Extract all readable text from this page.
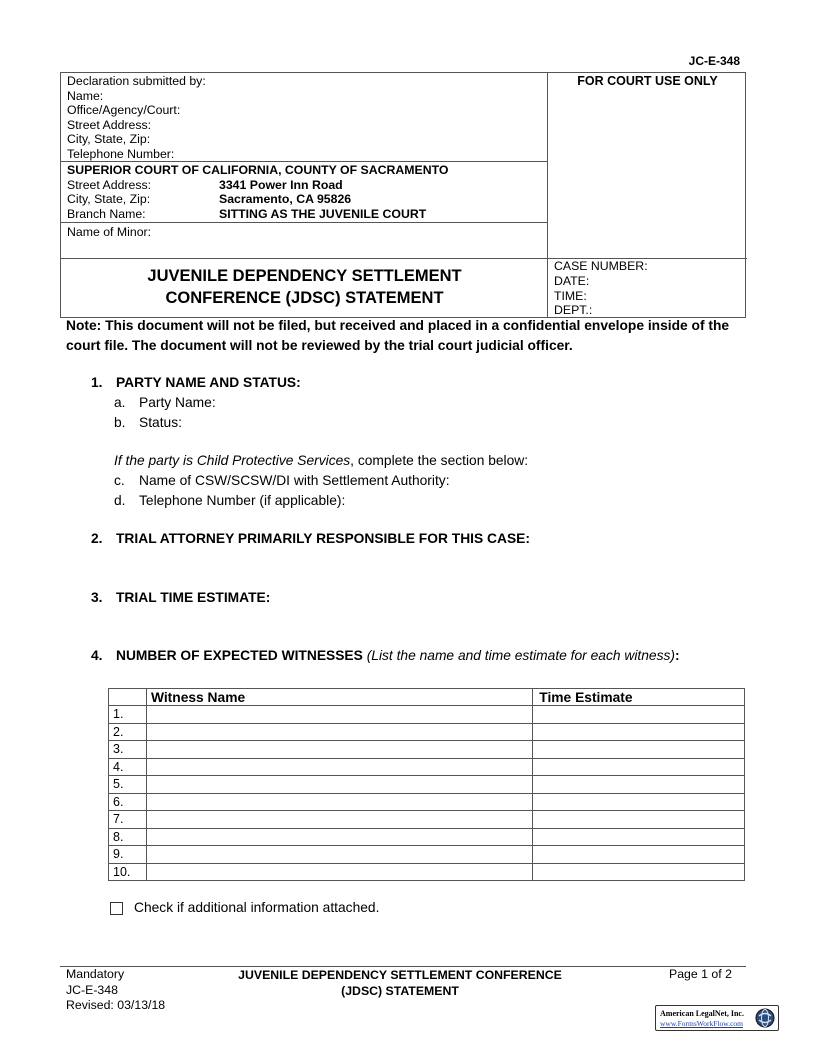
JC-E-348
Declaration submitted by:
Name:
Office/Agency/Court:
Street Address:
City, State, Zip:
Telephone Number:
SUPERIOR COURT OF CALIFORNIA, COUNTY OF SACRAMENTO
Street Address:	3341 Power Inn Road
City, State, Zip:	Sacramento, CA 95826
Branch Name:	SITTING AS THE JUVENILE COURT
Name of Minor:
FOR COURT USE ONLY
JUVENILE DEPENDENCY SETTLEMENT
CONFERENCE (JDSC) STATEMENT
CASE NUMBER:
DATE:
TIME:
DEPT.:
Note: This document will not be filed, but received and placed in a confidential envelope inside of the court file. The document will not be reviewed by the trial court judicial officer.
1. PARTY NAME AND STATUS:
a. Party Name:
b. Status:
If the party is Child Protective Services, complete the section below:
c. Name of CSW/SCSW/DI with Settlement Authority:
d. Telephone Number (if applicable):
2. TRIAL ATTORNEY PRIMARILY RESPONSIBLE FOR THIS CASE:
3. TRIAL TIME ESTIMATE:
4. NUMBER OF EXPECTED WITNESSES (List the name and time estimate for each witness):
	Witness Name	Time Estimate
1.		
2.		
3.		
4.		
5.		
6.		
7.		
8.		
9.		
10.		
Check if additional information attached.
Mandatory
JC-E-348
Revised: 03/13/18
JUVENILE DEPENDENCY SETTLEMENT CONFERENCE
(JDSC) STATEMENT
Page 1 of 2
American LegalNet, Inc.
www.FormsWorkFlow.com
